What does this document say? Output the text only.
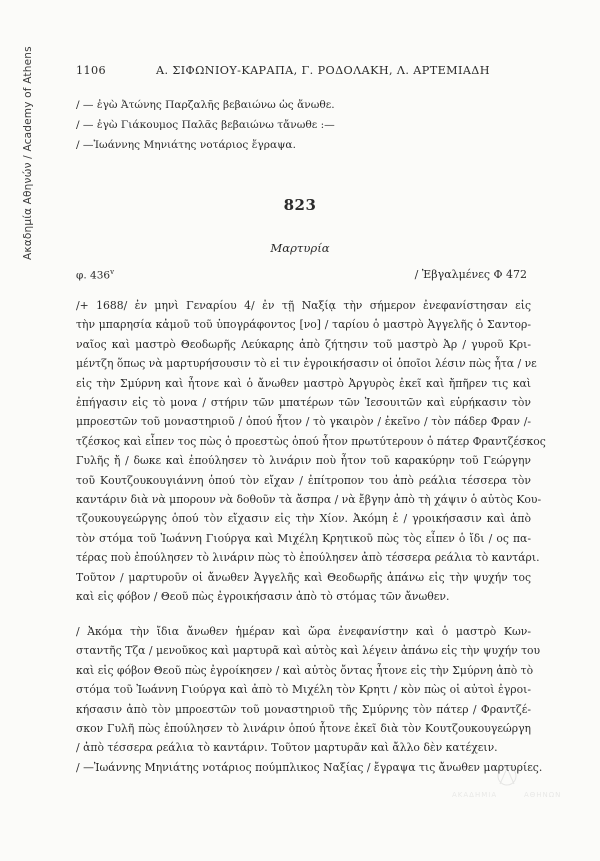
Ακαδημία Αθηνών / Academy of Athens	1106	Α. ΣΙΦΩΝΙΟΥ-ΚΑΡΑΠΑ, Γ. ΡΟΔΟΛΑΚΗ, Λ. ΑΡΤΕΜΙΑΔΗ
/ — ἐγὼ Ἀτώνης Παρζαλῆς βεβαιώνω ὡς ἄνωθε.
/ — ἐγὼ Γιάκουμος Παλᾶς βεβαιώνω τἄνωθε :—
/ —Ἰωάννης Μηνιάτης νοτάριος ἔγραψα.
823
Μαρτυρία
φ. 436$^v$	/ Ἐβγαλμένες Φ 472
/+ 1688/ ἐν μηνὶ Γεναρίου 4/ ἐν τῇ Ναξίᾳ τὴν σήμερον ἐνεφανίστησαν εἰς
τὴν μπαρησία κἀμοῦ τοῦ ὑπογράφοντος [νο] / ταρίου ὁ μαστρὸ Ἀγγελῆς ὁ Σαντορ-
ναῖος καὶ μαστρὸ Θεοδωρῆς Λεύκαρης ἀπὸ ζήτησιν τοῦ μαστρὸ Ἀρ / γυροῦ Κρι-
μέντζη ὅπως νὰ μαρτυρήσουσιν τὸ εἰ τιν ἐγροικήσασιν οἱ ὁποῖοι λέσιν πὼς ἦτα / νε
εἰς τὴν Σμύρνη καὶ ἦτονε καὶ ὁ ἄνωθεν μαστρὸ Ἀργυρὸς ἐκεῖ καὶ ἤπῆρεν τις καὶ
ἐπήγασιν εἰς τὸ μονα / στήριν τῶν μπατέρων τῶν Ἰεσουιτῶν καὶ εὐρήκασιν τὸν
μπροεστῶν τοῦ μοναστηριοῦ / ὁπού ἦτον / τὸ γκαιρὸν / ἐκεῖνο / τὸν πάδερ Φραν /-
τζέσκος καὶ εἶπεν τος πὼς ὁ προεστὼς ὁπού ἦτον πρωτύτερουν ὁ πάτερ Φραντζέσκος
Γυλῆς ἤ / δωκε καὶ ἐπούλησεν τὸ λινάριν ποὺ ἦτον τοῦ καρακύρην τοῦ Γεώργην
τοῦ Κουτζουκουγιάννη ὁπού τὸν εἴχαν / ἐπίτροπον του ἀπὸ ρεάλια τέσσερα τὸν
καντάριν διὰ νὰ μπορουν νὰ δοθοῦν τὰ ἄσπρα / νὰ ἔβγην ἀπὸ τὴ χάψιν ὁ αὐτὸς Κου-
τζουκουγεώργης ὁπού τὸν εἴχασιν εἰς τὴν Χίον. Ἀκόμη ἐ / γροικήσασιν καὶ ἀπὸ
τὸν στόμα τοῦ Ἰωάννη Γιούργα καὶ Μιχέλη Κρητικοῦ πὼς τὸς εἶπεν ὁ ἴδι / ος πα-
τέρας ποὺ ἐπούλησεν τὸ λινάριν πὼς τὸ ἐπούλησεν ἀπὸ τέσσερα ρεάλια τὸ καντάρι.
Τοῦτον / μαρτυροῦν οἱ ἄνωθεν Ἀγγελῆς καὶ Θεοδωρῆς ἀπάνω εἰς τὴν ψυχήν τος
καὶ εἰς φόβον / Θεοῦ πὼς ἐγροικήσασιν ἀπὸ τὸ στόμας τῶν ἄνωθεν.
/ Ἀκόμα τὴν ἴδια ἄνωθεν ἡμέραν καὶ ὥρα ἐνεφανίστην καὶ ὁ μαστρὸ Κων-
σταντῆς Τζα / μενοῦκος καὶ μαρτυρᾶ καὶ αὐτὸς καὶ λέγειν ἀπάνω εἰς τὴν ψυχήν του
καὶ εἰς φόβον Θεοῦ πὼς ἐγροίκησεν / καὶ αὐτὸς ὄντας ἦτονε εἰς τὴν Σμύρνη ἀπὸ τὸ
στόμα τοῦ Ἰωάννη Γιούργα καὶ ἀπὸ τὸ Μιχέλη τὸν Κρητι / κὸν πὼς οἱ αὐτοὶ ἐγροι-
κήσασιν ἀπὸ τὸν μπροεστῶν τοῦ μοναστηριοῦ τῆς Σμύρνης τὸν πάτερ / Φραντζέ-
σκον Γυλῆ πὼς ἐπούλησεν τὸ λινάριν ὁπού ἦτονε ἐκεῖ διὰ τὸν Κουτζουκουγεώργη
/ ἀπὸ τέσσερα ρεάλια τὸ καντάριν. Τοῦτον μαρτυρᾶν καὶ ἄλλο δὲν κατέχειν.
/ —Ἰωάννης Μηνιάτης νοτάριος πούμπλικος Ναξίας / ἔγραψα τις ἄνωθεν μαρτυρίες.
ΑΚΑΔΗΜΙΑ	ΑΘΗΝΩΝ
